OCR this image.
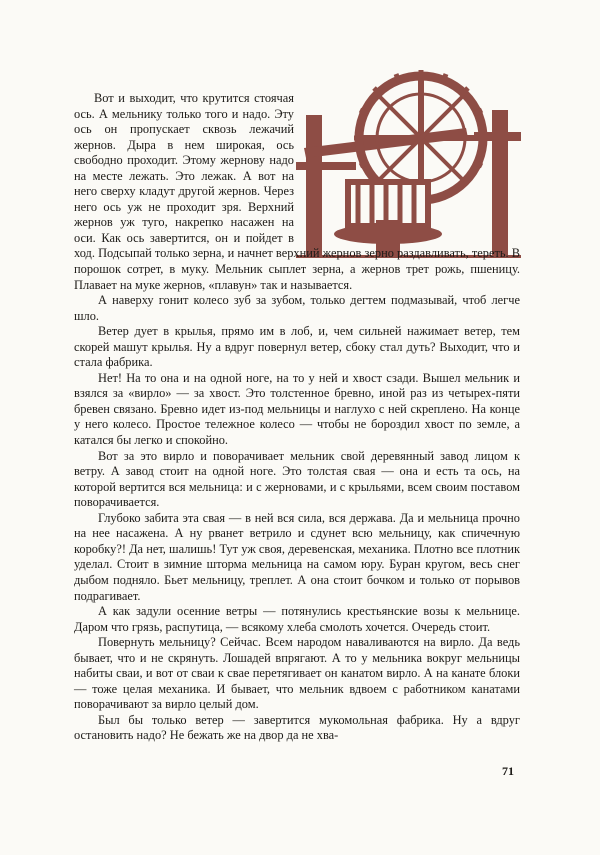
Вот и выходит, что крутится стоячая ось. А мельнику только того и надо. Эту ось он пропускает сквозь лежачий жернов. Дыра в нем широкая, ось свободно проходит. Этому жернову надо на месте лежать. Это лежак. А вот на него сверху кладут другой жернов. Через него ось уж не проходит зря. Верхний жернов уж туго, накрепко насажен на оси. Как ось завертится, он и пойдет в ход. Подсыпай только зерна, и начнет верхний жернов зерно раздавливать, тереть. В порошок сотрет, в муку. Мельник сыплет зерна, а жернов трет рожь, пшеницу. Плавает на муке жернов, «плавун» так и называется.

А наверху гонит колесо зуб за зубом, только дегтем подмазывай, чтоб легче шло.

Ветер дует в крылья, прямо им в лоб, и, чем сильней нажимает ветер, тем скорей машут крылья. Ну а вдруг повернул ветер, сбоку стал дуть? Выходит, что и стала фабрика.

Нет! На то она и на одной ноге, на то у ней и хвост сзади. Вышел мельник и взялся за «вирло» — за хвост. Это толстенное бревно, иной раз из четырех-пяти бревен связано. Бревно идет из-под мельницы и наглухо с ней скреплено. На конце у него колесо. Простое тележное колесо — чтобы не бороздил хвост по земле, а катался бы легко и спокойно.

Вот за это вирло и поворачивает мельник свой деревянный завод лицом к ветру. А завод стоит на одной ноге. Это толстая свая — она и есть та ось, на которой вертится вся мельница: и с жерновами, и с крыльями, всем своим поставом поворачивается.

Глубоко забита эта свая — в ней вся сила, вся держава. Да и мельница прочно на нее насажена. А ну рванет ветрило и сдунет всю мельницу, как спичечную коробку?! Да нет, шалишь! Тут уж своя, деревенская, механика. Плотно все плотник уделал. Стоит в зимние шторма мельница на самом юру. Буран кругом, весь снег дыбом подняло. Бьет мельницу, треплет. А она стоит бочком и только от порывов подрагивает.

А как задули осенние ветры — потянулись крестьянские возы к мельнице. Даром что грязь, распутица, — всякому хлеба смолоть хочется. Очередь стоит.

Повернуть мельницу? Сейчас. Всем народом наваливаются на вирло. Да ведь бывает, что и не скрянуть. Лошадей впрягают. А то у мельника вокруг мельницы набиты сваи, и вот от сваи к свае перетягивает он канатом вирло. А на канате блоки — тоже целая механика. И бывает, что мельник вдвоем с работником канатами поворачивают за вирло целый дом.

Был бы только ветер — завертится мукомольная фабрика. Ну а вдруг остановить надо? Не бежать же на двор да не хва-

71
